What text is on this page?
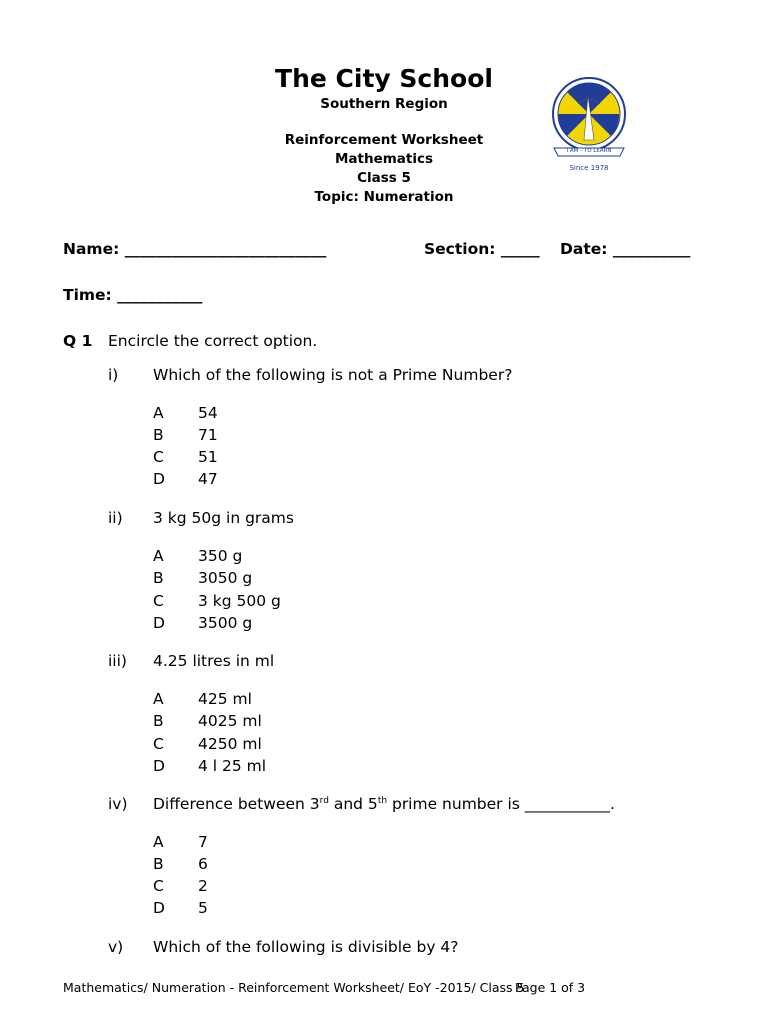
The City School
Southern Region
Reinforcement Worksheet
Mathematics
Class 5
Topic: Numeration
I AM - TO LEARN
Since 1978
Name: __________________________	Section: _____ Date: __________
Time: ___________
Q 1 Encircle the correct option.
i) Which of the following is not a Prime Number?
A 54
B 71
C 51
D 47
ii) 3 kg 50g in grams
A 350 g
B 3050 g
C 3 kg 500 g
D 3500 g
iii) 4.25 litres in ml
A 425 ml
B 4025 ml
C 4250 ml
D 4 l 25 ml
iv) Difference between 3rd and 5th prime number is ___________.
A 7
B 6
C 2
D 5
v) Which of the following is divisible by 4?
Mathematics/ Numeration - Reinforcement Worksheet/ EoY -2015/ Class 5
Page 1 of 3
